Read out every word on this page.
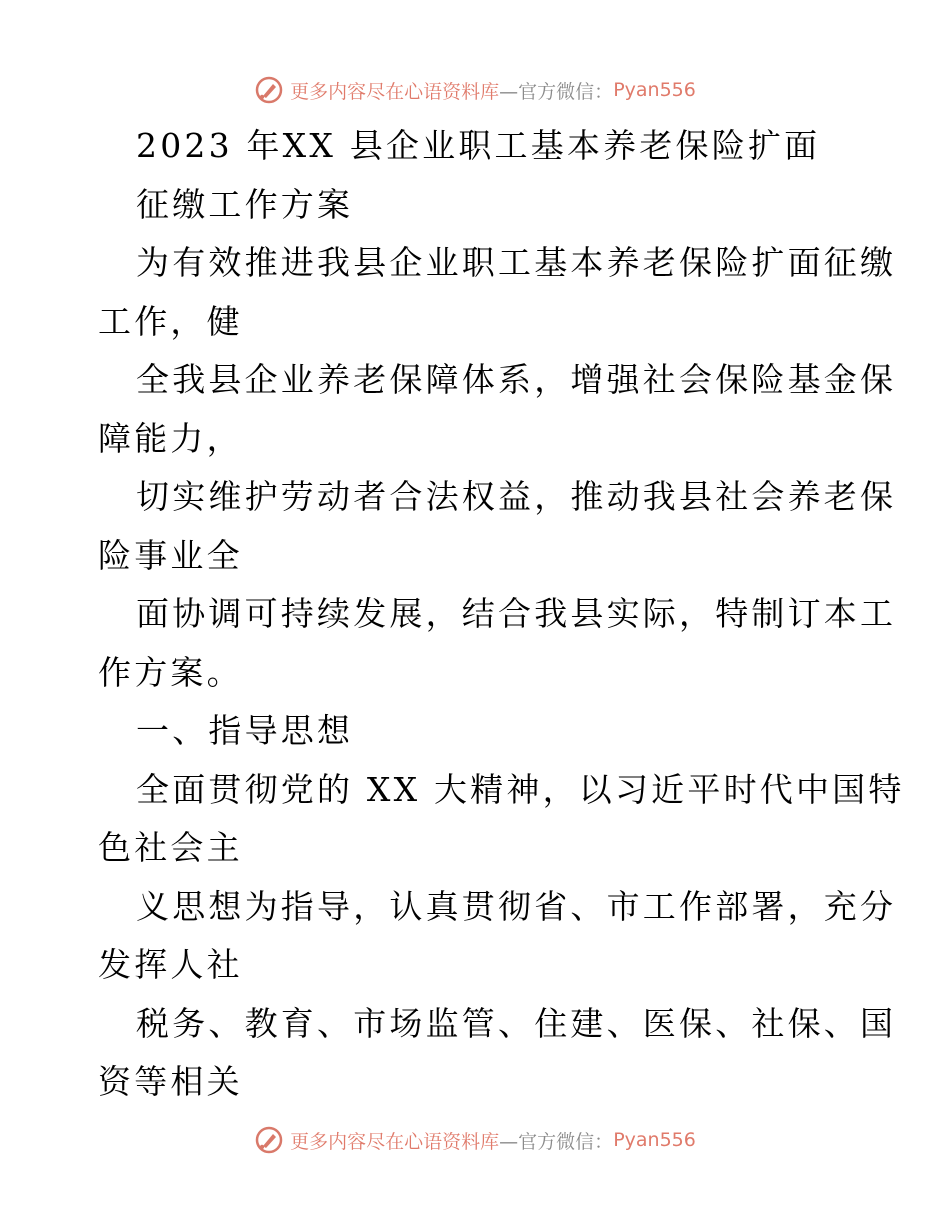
更多内容尽在心语资料库 —官方微信： Pyan556
2023 年XX 县企业职工基本养老保险扩面
征缴工作方案
为有效推进我县企业职工基本养老保险扩面征缴
工作，健
全我县企业养老保障体系，增强社会保险基金保
障能力，
切实维护劳动者合法权益，推动我县社会养老保
险事业全
面协调可持续发展，结合我县实际，特制订本工
作方案。
一、指导思想
全面贯彻党的 XX 大精神，以习近平时代中国特
色社会主
义思想为指导，认真贯彻省、市工作部署，充分
发挥人社
税务、教育、市场监管、住建、医保、社保、国
资等相关
更多内容尽在心语资料库 —官方微信： Pyan556
